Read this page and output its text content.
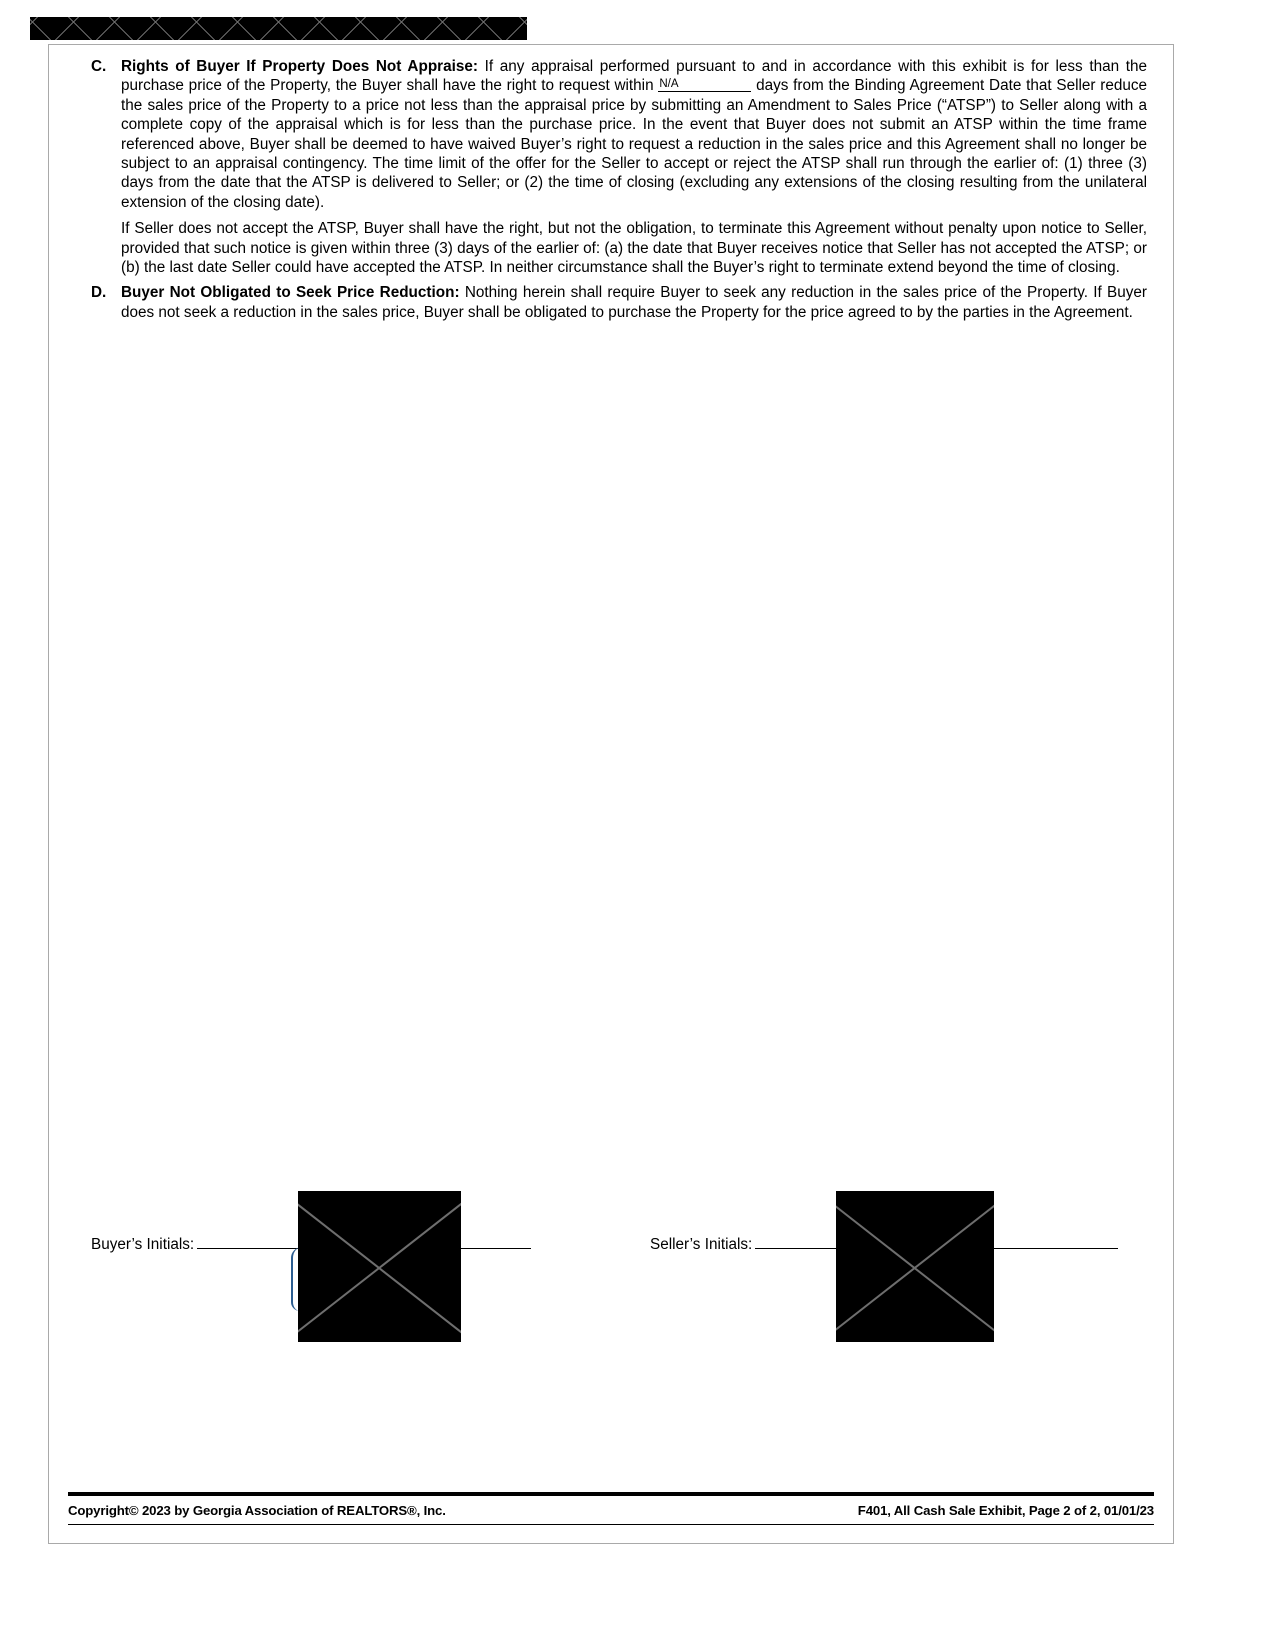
C. Rights of Buyer If Property Does Not Appraise: If any appraisal performed pursuant to and in accordance with this exhibit is for less than the purchase price of the Property, the Buyer shall have the right to request within N/A	days from the Binding Agreement Date that Seller reduce the sales price of the Property to a price not less than the appraisal price by submitting an Amendment to Sales Price (“ATSP”) to Seller along with a complete copy of the appraisal which is for less than the purchase price. In the event that Buyer does not submit an ATSP within the time frame referenced above, Buyer shall be deemed to have waived Buyer’s right to request a reduction in the sales price and this Agreement shall no longer be subject to an appraisal contingency. The time limit of the offer for the Seller to accept or reject the ATSP shall run through the earlier of: (1) three (3) days from the date that the ATSP is delivered to Seller; or (2) the time of closing (excluding any extensions of the closing resulting from the unilateral extension of the closing date).
If Seller does not accept the ATSP, Buyer shall have the right, but not the obligation, to terminate this Agreement without penalty upon notice to Seller, provided that such notice is given within three (3) days of the earlier of: (a) the date that Buyer receives notice that Seller has not accepted the ATSP; or (b) the last date Seller could have accepted the ATSP. In neither circumstance shall the Buyer’s right to terminate extend beyond the time of closing.
D. Buyer Not Obligated to Seek Price Reduction: Nothing herein shall require Buyer to seek any reduction in the sales price of the Property. If Buyer does not seek a reduction in the sales price, Buyer shall be obligated to purchase the Property for the price agreed to by the parties in the Agreement.
Buyer’s Initials:	Seller’s Initials:
Copyright© 2023 by Georgia Association of REALTORS®, Inc.	F401, All Cash Sale Exhibit, Page 2 of 2, 01/01/23
